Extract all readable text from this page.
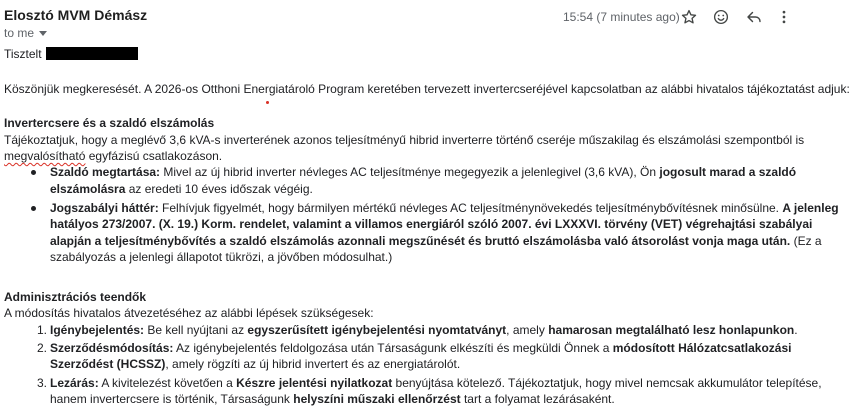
Elosztó MVM Démász
to me
15:54 (7 minutes ago)
Tisztelt
Köszönjük megkeresését. A 2026-os Otthoni Energiatároló Program keretében tervezett invertercseréjével kapcsolatban az alábbi hivatalos tájékoztatást adjuk:
Invertercsere és a szaldó elszámolás
Tájékoztatjuk, hogy a meglévő 3,6 kVA-s inverterének azonos teljesítményű hibrid inverterre történő cseréje műszakilag és elszámolási szempontból is
megvalósítható egyfázisú csatlakozáson.
Szaldó megtartása: Mivel az új hibrid inverter névleges AC teljesítménye megegyezik a jelenlegivel (3,6 kVA), Ön jogosult marad a szaldó
elszámolásra az eredeti 10 éves időszak végéig.
Jogszabályi háttér: Felhívjuk figyelmét, hogy bármilyen mértékű névleges AC teljesítménynövekedés teljesítménybővítésnek minősülne. A jelenleg
hatályos 273/2007. (X. 19.) Korm. rendelet, valamint a villamos energiáról szóló 2007. évi LXXXVI. törvény (VET) végrehajtási szabályai
alapján a teljesítménybővítés a szaldó elszámolás azonnali megszűnését és bruttó elszámolásba való átsorolást vonja maga után. (Ez a
szabályozás a jelenlegi állapotot tükrözi, a jövőben módosulhat.)
Adminisztrációs teendők
A módosítás hivatalos átvezetéséhez az alábbi lépések szükségesek:
1. Igénybejelentés: Be kell nyújtani az egyszerűsített igénybejelentési nyomtatványt, amely hamarosan megtalálható lesz honlapunkon.
2. Szerződésmódosítás: Az igénybejelentés feldolgozása után Társaságunk elkészíti és megküldi Önnek a módosított Hálózatcsatlakozási
Szerződést (HCSSZ), amely rögzíti az új hibrid invertert és az energiatárolót.
3. Lezárás: A kivitelezést követően a Készre jelentési nyilatkozat benyújtása kötelező. Tájékoztatjuk, hogy mivel nemcsak akkumulátor telepítése,
hanem invertercsere is történik, Társaságunk helyszíni műszaki ellenőrzést tart a folyamat lezárásaként.
